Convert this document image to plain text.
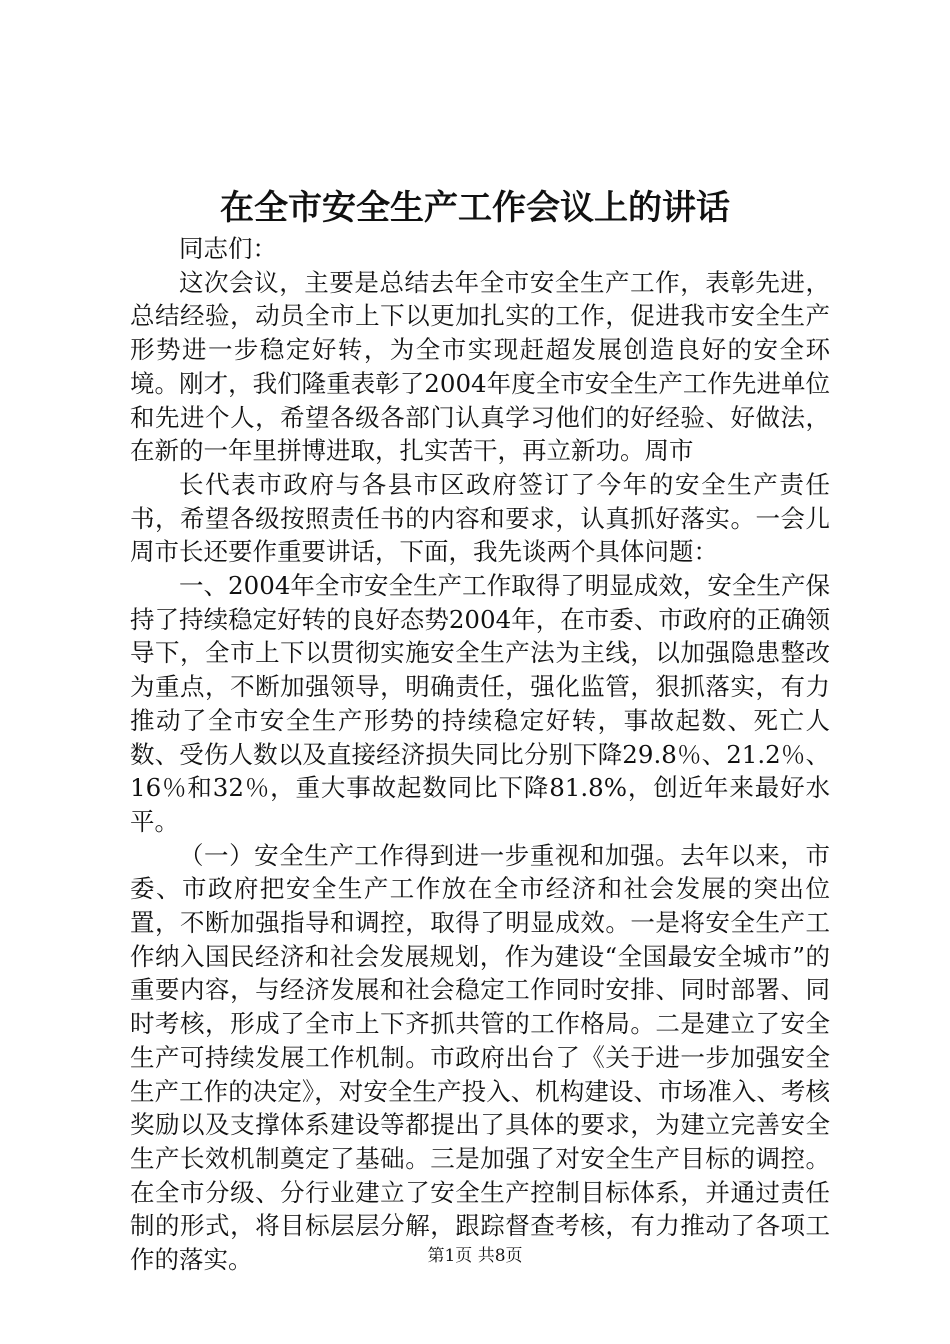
在全市安全生产工作会议上的讲话

同志们：

这次会议，主要是总结去年全市安全生产工作，表彰先进，总结经验，动员全市上下以更加扎实的工作，促进我市安全生产形势进一步稳定好转，为全市实现赶超发展创造良好的安全环境。刚才，我们隆重表彰了2004年度全市安全生产工作先进单位和先进个人，希望各级各部门认真学习他们的好经验、好做法，在新的一年里拼博进取，扎实苦干，再立新功。周市

长代表市政府与各县市区政府签订了今年的安全生产责任书，希望各级按照责任书的内容和要求，认真抓好落实。一会儿周市长还要作重要讲话，下面，我先谈两个具体问题：

一、2004年全市安全生产工作取得了明显成效，安全生产保持了持续稳定好转的良好态势2004年，在市委、市政府的正确领导下，全市上下以贯彻实施安全生产法为主线，以加强隐患整改为重点，不断加强领导，明确责任，强化监管，狠抓落实，有力推动了全市安全生产形势的持续稳定好转，事故起数、死亡人数、受伤人数以及直接经济损失同比分别下降29.8％、21.2％、16％和32％，重大事故起数同比下降81.8%，创近年来最好水平。

（一）安全生产工作得到进一步重视和加强。去年以来，市委、市政府把安全生产工作放在全市经济和社会发展的突出位置，不断加强指导和调控，取得了明显成效。一是将安全生产工作纳入国民经济和社会发展规划，作为建设“全国最安全城市”的重要内容，与经济发展和社会稳定工作同时安排、同时部署、同时考核，形成了全市上下齐抓共管的工作格局。二是建立了安全生产可持续发展工作机制。市政府出台了《关于进一步加强安全生产工作的决定》，对安全生产投入、机构建设、市场准入、考核奖励以及支撑体系建设等都提出了具体的要求，为建立完善安全生产长效机制奠定了基础。三是加强了对安全生产目标的调控。在全市分级、分行业建立了安全生产控制目标体系，并通过责任制的形式，将目标层层分解，跟踪督查考核，有力推动了各项工作的落实。	第1页 共8页
